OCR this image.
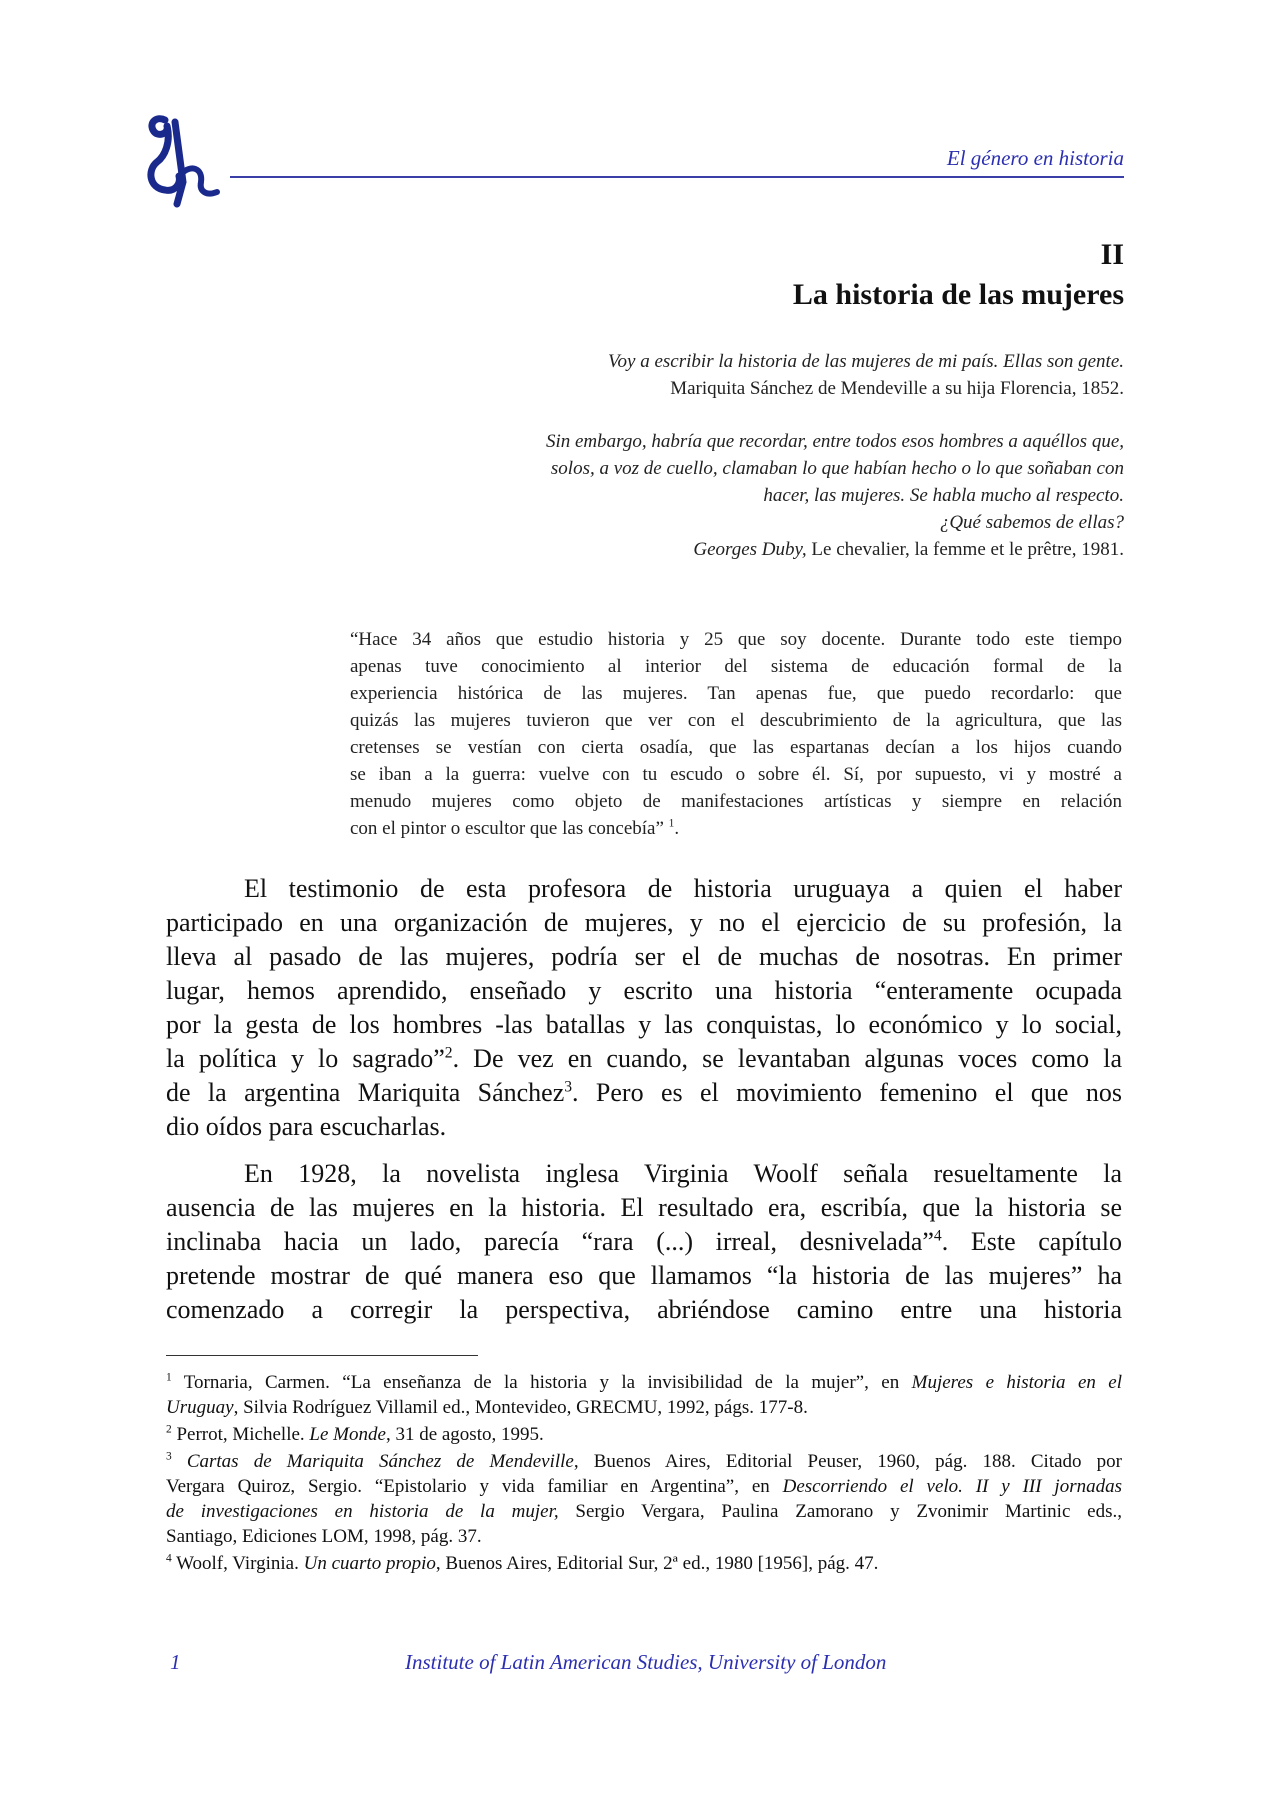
El género en historia
II
La historia de las mujeres
Voy a escribir la historia de las mujeres de mi país. Ellas son gente.
Mariquita Sánchez de Mendeville a su hija Florencia, 1852.
Sin embargo, habría que recordar, entre todos esos hombres a aquéllos que,
solos, a voz de cuello, clamaban lo que habían hecho o lo que soñaban con
hacer, las mujeres. Se habla mucho al respecto.
¿Qué sabemos de ellas?
Georges Duby, Le chevalier, la femme et le prêtre, 1981.
“Hace 34 años que estudio historia y 25 que soy docente. Durante todo este tiempo
apenas tuve conocimiento al interior del sistema de educación formal de la
experiencia histórica de las mujeres. Tan apenas fue, que puedo recordarlo: que
quizás las mujeres tuvieron que ver con el descubrimiento de la agricultura, que las
cretenses se vestían con cierta osadía, que las espartanas decían a los hijos cuando
se iban a la guerra: vuelve con tu escudo o sobre él. Sí, por supuesto, vi y mostré a
menudo mujeres como objeto de manifestaciones artísticas y siempre en relación
con el pintor o escultor que las concebía” $^1$.
El testimonio de esta profesora de historia uruguaya a quien el haber
participado en una organización de mujeres, y no el ejercicio de su profesión, la
lleva al pasado de las mujeres, podría ser el de muchas de nosotras. En primer
lugar, hemos aprendido, enseñado y escrito una historia “enteramente ocupada
por la gesta de los hombres -las batallas y las conquistas, lo económico y lo social,
la política y lo sagrado”$^2$. De vez en cuando, se levantaban algunas voces como la
de la argentina Mariquita Sánchez$^3$. Pero es el movimiento femenino el que nos
dio oídos para escucharlas.
En 1928, la novelista inglesa Virginia Woolf señala resueltamente la
ausencia de las mujeres en la historia. El resultado era, escribía, que la historia se
inclinaba hacia un lado, parecía “rara (...) irreal, desnivelada”$^4$. Este capítulo
pretende mostrar de qué manera eso que llamamos “la historia de las mujeres” ha
comenzado a corregir la perspectiva, abriéndose camino entre una historia
$^1$ Tornaria, Carmen. “La enseñanza de la historia y la invisibilidad de la mujer”, en Mujeres e historia en el
Uruguay, Silvia Rodríguez Villamil ed., Montevideo, GRECMU, 1992, págs. 177-8.
$^2$ Perrot, Michelle. Le Monde, 31 de agosto, 1995.
$^3$ Cartas de Mariquita Sánchez de Mendeville, Buenos Aires, Editorial Peuser, 1960, pág. 188. Citado por
Vergara Quiroz, Sergio. “Epistolario y vida familiar en Argentina”, en Descorriendo el velo. II y III jornadas
de investigaciones en historia de la mujer, Sergio Vergara, Paulina Zamorano y Zvonimir Martinic eds.,
Santiago, Ediciones LOM, 1998, pág. 37.
$^4$ Woolf, Virginia. Un cuarto propio, Buenos Aires, Editorial Sur, 2ª ed., 1980 [1956], pág. 47.
1	Institute of Latin American Studies, University of London
